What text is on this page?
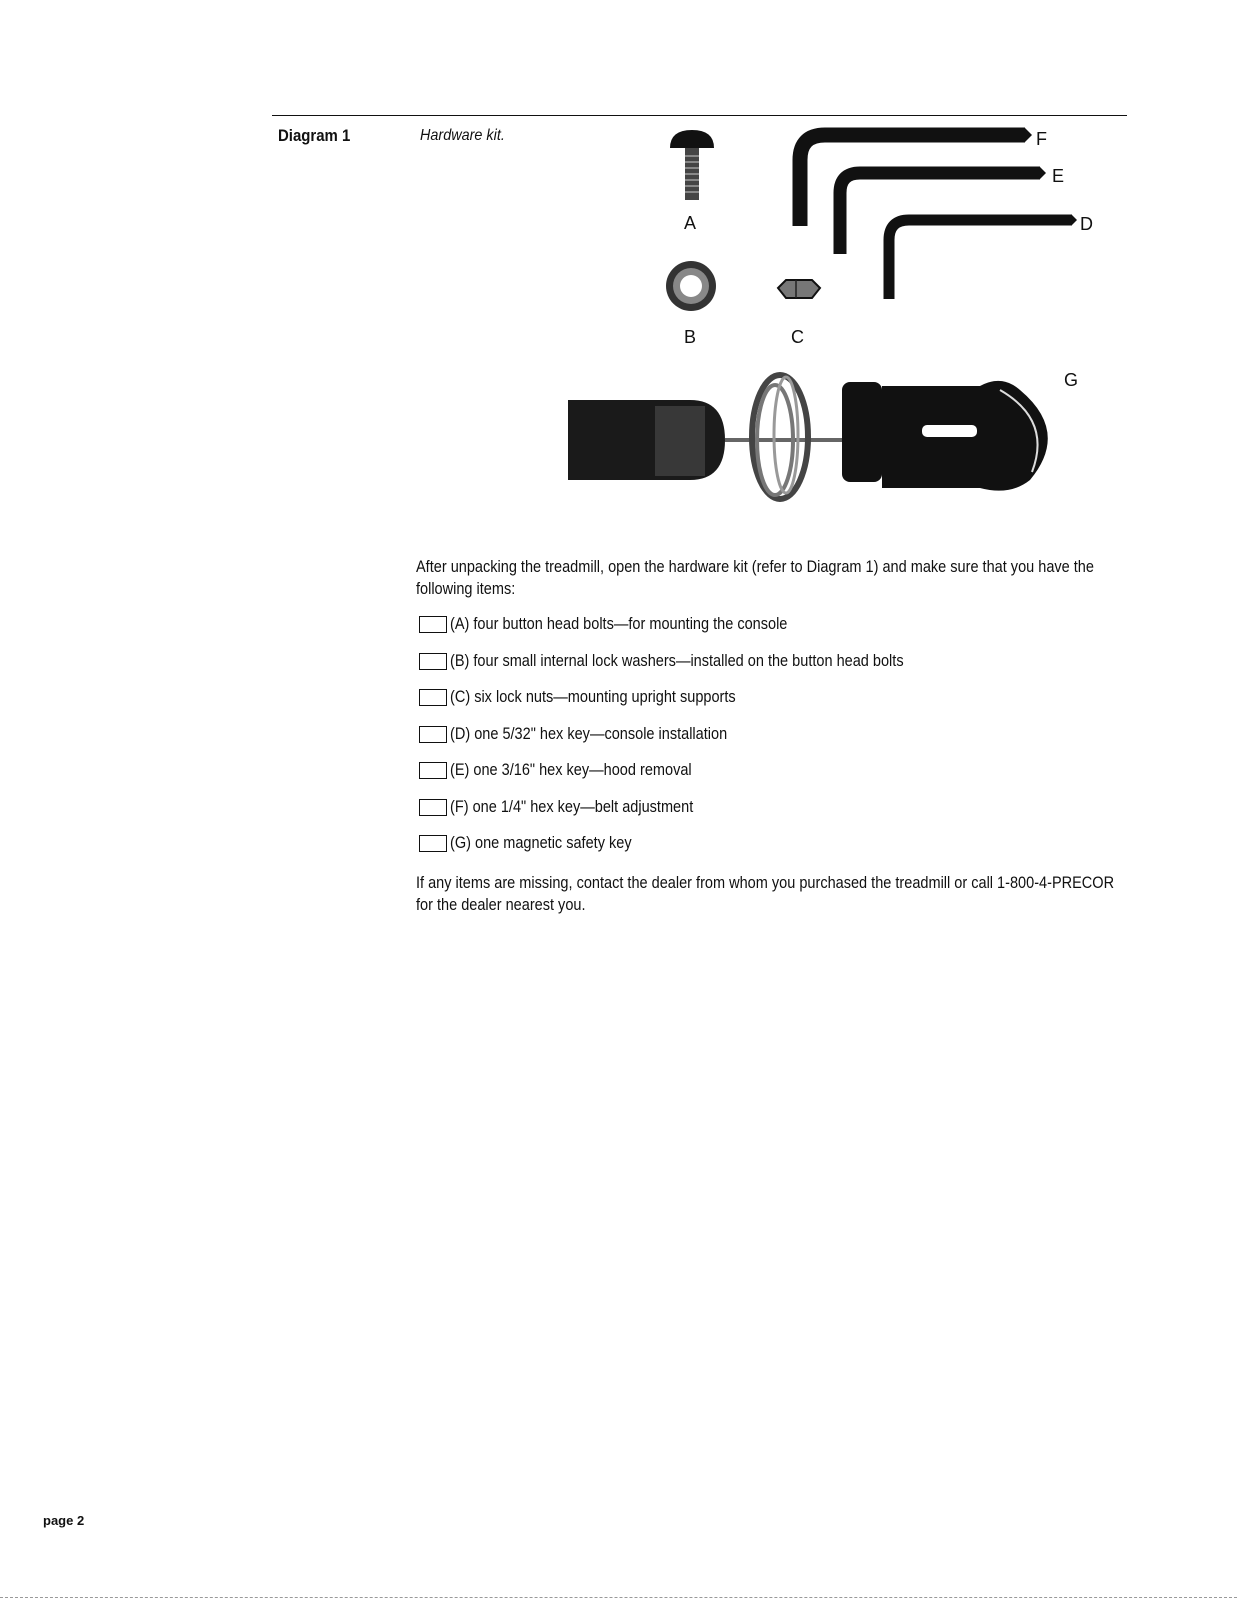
Diagram 1	Hardware kit.
A
B	C
F
E
D
G
After unpacking the treadmill, open the hardware kit (refer to Diagram 1) and make sure that you have the following items:
(A) four button head bolts—for mounting the console
(B) four small internal lock washers—installed on the button head bolts
(C) six lock nuts—mounting upright supports
(D) one 5/32" hex key—console installation
(E) one 3/16" hex key—hood removal
(F) one 1/4" hex key—belt adjustment
(G) one magnetic safety key
If any items are missing, contact the dealer from whom you purchased the treadmill or call 1-800-4-PRECOR for the dealer nearest you.
page 2
